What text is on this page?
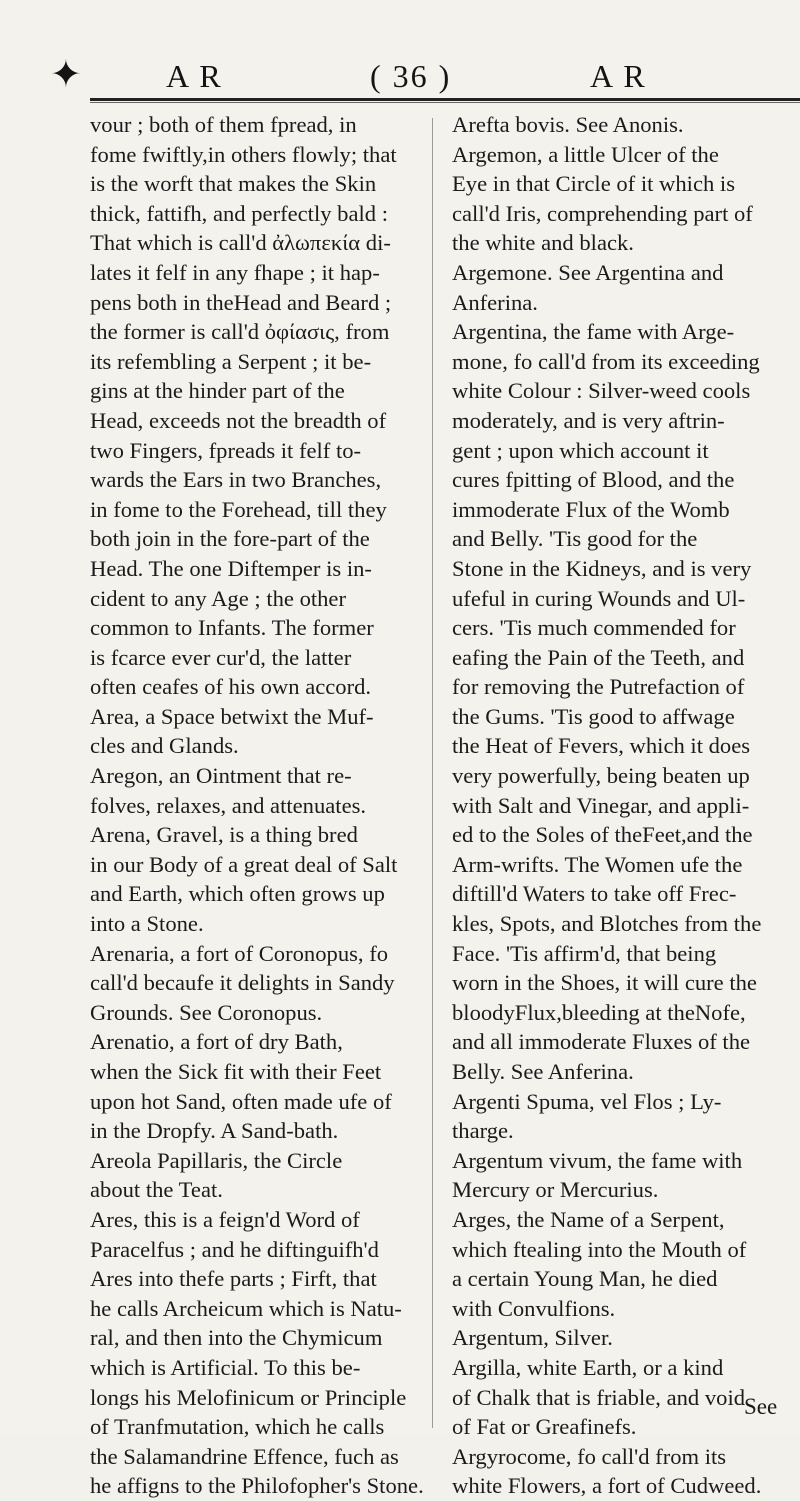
✦	A R	( 36 )	A R
vour ; both of them fpread, in
fome fwiftly,in others flowly; that
is the worft that makes the Skin
thick, fattifh, and perfectly bald :
That which is call'd ἀλωπεκία di-
lates it felf in any fhape ; it hap-
pens both in theHead and Beard ;
the former is call'd ὀφίασις, from
its refembling a Serpent ; it be-
gins at the hinder part of the
Head, exceeds not the breadth of
two Fingers, fpreads it felf to-
wards the Ears in two Branches,
in fome to the Forehead, till they
both join in the fore-part of the
Head. The one Diftemper is in-
cident to any Age ; the other
common to Infants. The former
is fcarce ever cur'd, the latter
often ceafes of his own accord.
Area, a Space betwixt the Muf-
cles and Glands.
Aregon, an Ointment that re-
folves, relaxes, and attenuates.
Arena, Gravel, is a thing bred
in our Body of a great deal of Salt
and Earth, which often grows up
into a Stone.
Arenaria, a fort of Coronopus, fo
call'd becaufe it delights in Sandy
Grounds. See Coronopus.
Arenatio, a fort of dry Bath,
when the Sick fit with their Feet
upon hot Sand, often made ufe of
in the Dropfy. A Sand-bath.
Areola Papillaris, the Circle
about the Teat.
Ares, this is a feign'd Word of
Paracelfus ; and he diftinguifh'd
Ares into thefe parts ; Firft, that
he calls Archeicum which is Natu-
ral, and then into the Chymicum
which is Artificial. To this be-
longs his Melofinicum or Principle
of Tranfmutation, which he calls
the Salamandrine Effence, fuch as
he affigns to the Philofopher's Stone.
Arefta bovis. See Anonis.
Argemon, a little Ulcer of the
Eye in that Circle of it which is
call'd Iris, comprehending part of
the white and black.
Argemone. See Argentina and
Anferina.
Argentina, the fame with Arge-
mone, fo call'd from its exceeding
white Colour : Silver-weed cools
moderately, and is very aftrin-
gent ; upon which account it
cures fpitting of Blood, and the
immoderate Flux of the Womb
and Belly. 'Tis good for the
Stone in the Kidneys, and is very
ufeful in curing Wounds and Ul-
cers. 'Tis much commended for
eafing the Pain of the Teeth, and
for removing the Putrefaction of
the Gums. 'Tis good to affwage
the Heat of Fevers, which it does
very powerfully, being beaten up
with Salt and Vinegar, and appli-
ed to the Soles of theFeet,and the
Arm-wrifts. The Women ufe the
diftill'd Waters to take off Frec-
kles, Spots, and Blotches from the
Face. 'Tis affirm'd, that being
worn in the Shoes, it will cure the
bloodyFlux,bleeding at theNofe,
and all immoderate Fluxes of the
Belly. See Anferina.
Argenti Spuma, vel Flos ; Ly-
tharge.
Argentum vivum, the fame with
Mercury or Mercurius.
Arges, the Name of a Serpent,
which ftealing into the Mouth of
a certain Young Man, he died
with Convulfions.
Argentum, Silver.
Argilla, white Earth, or a kind
of Chalk that is friable, and void
of Fat or Greafinefs.
Argyrocome, fo call'd from its
white Flowers, a fort of Cudweed.
See
